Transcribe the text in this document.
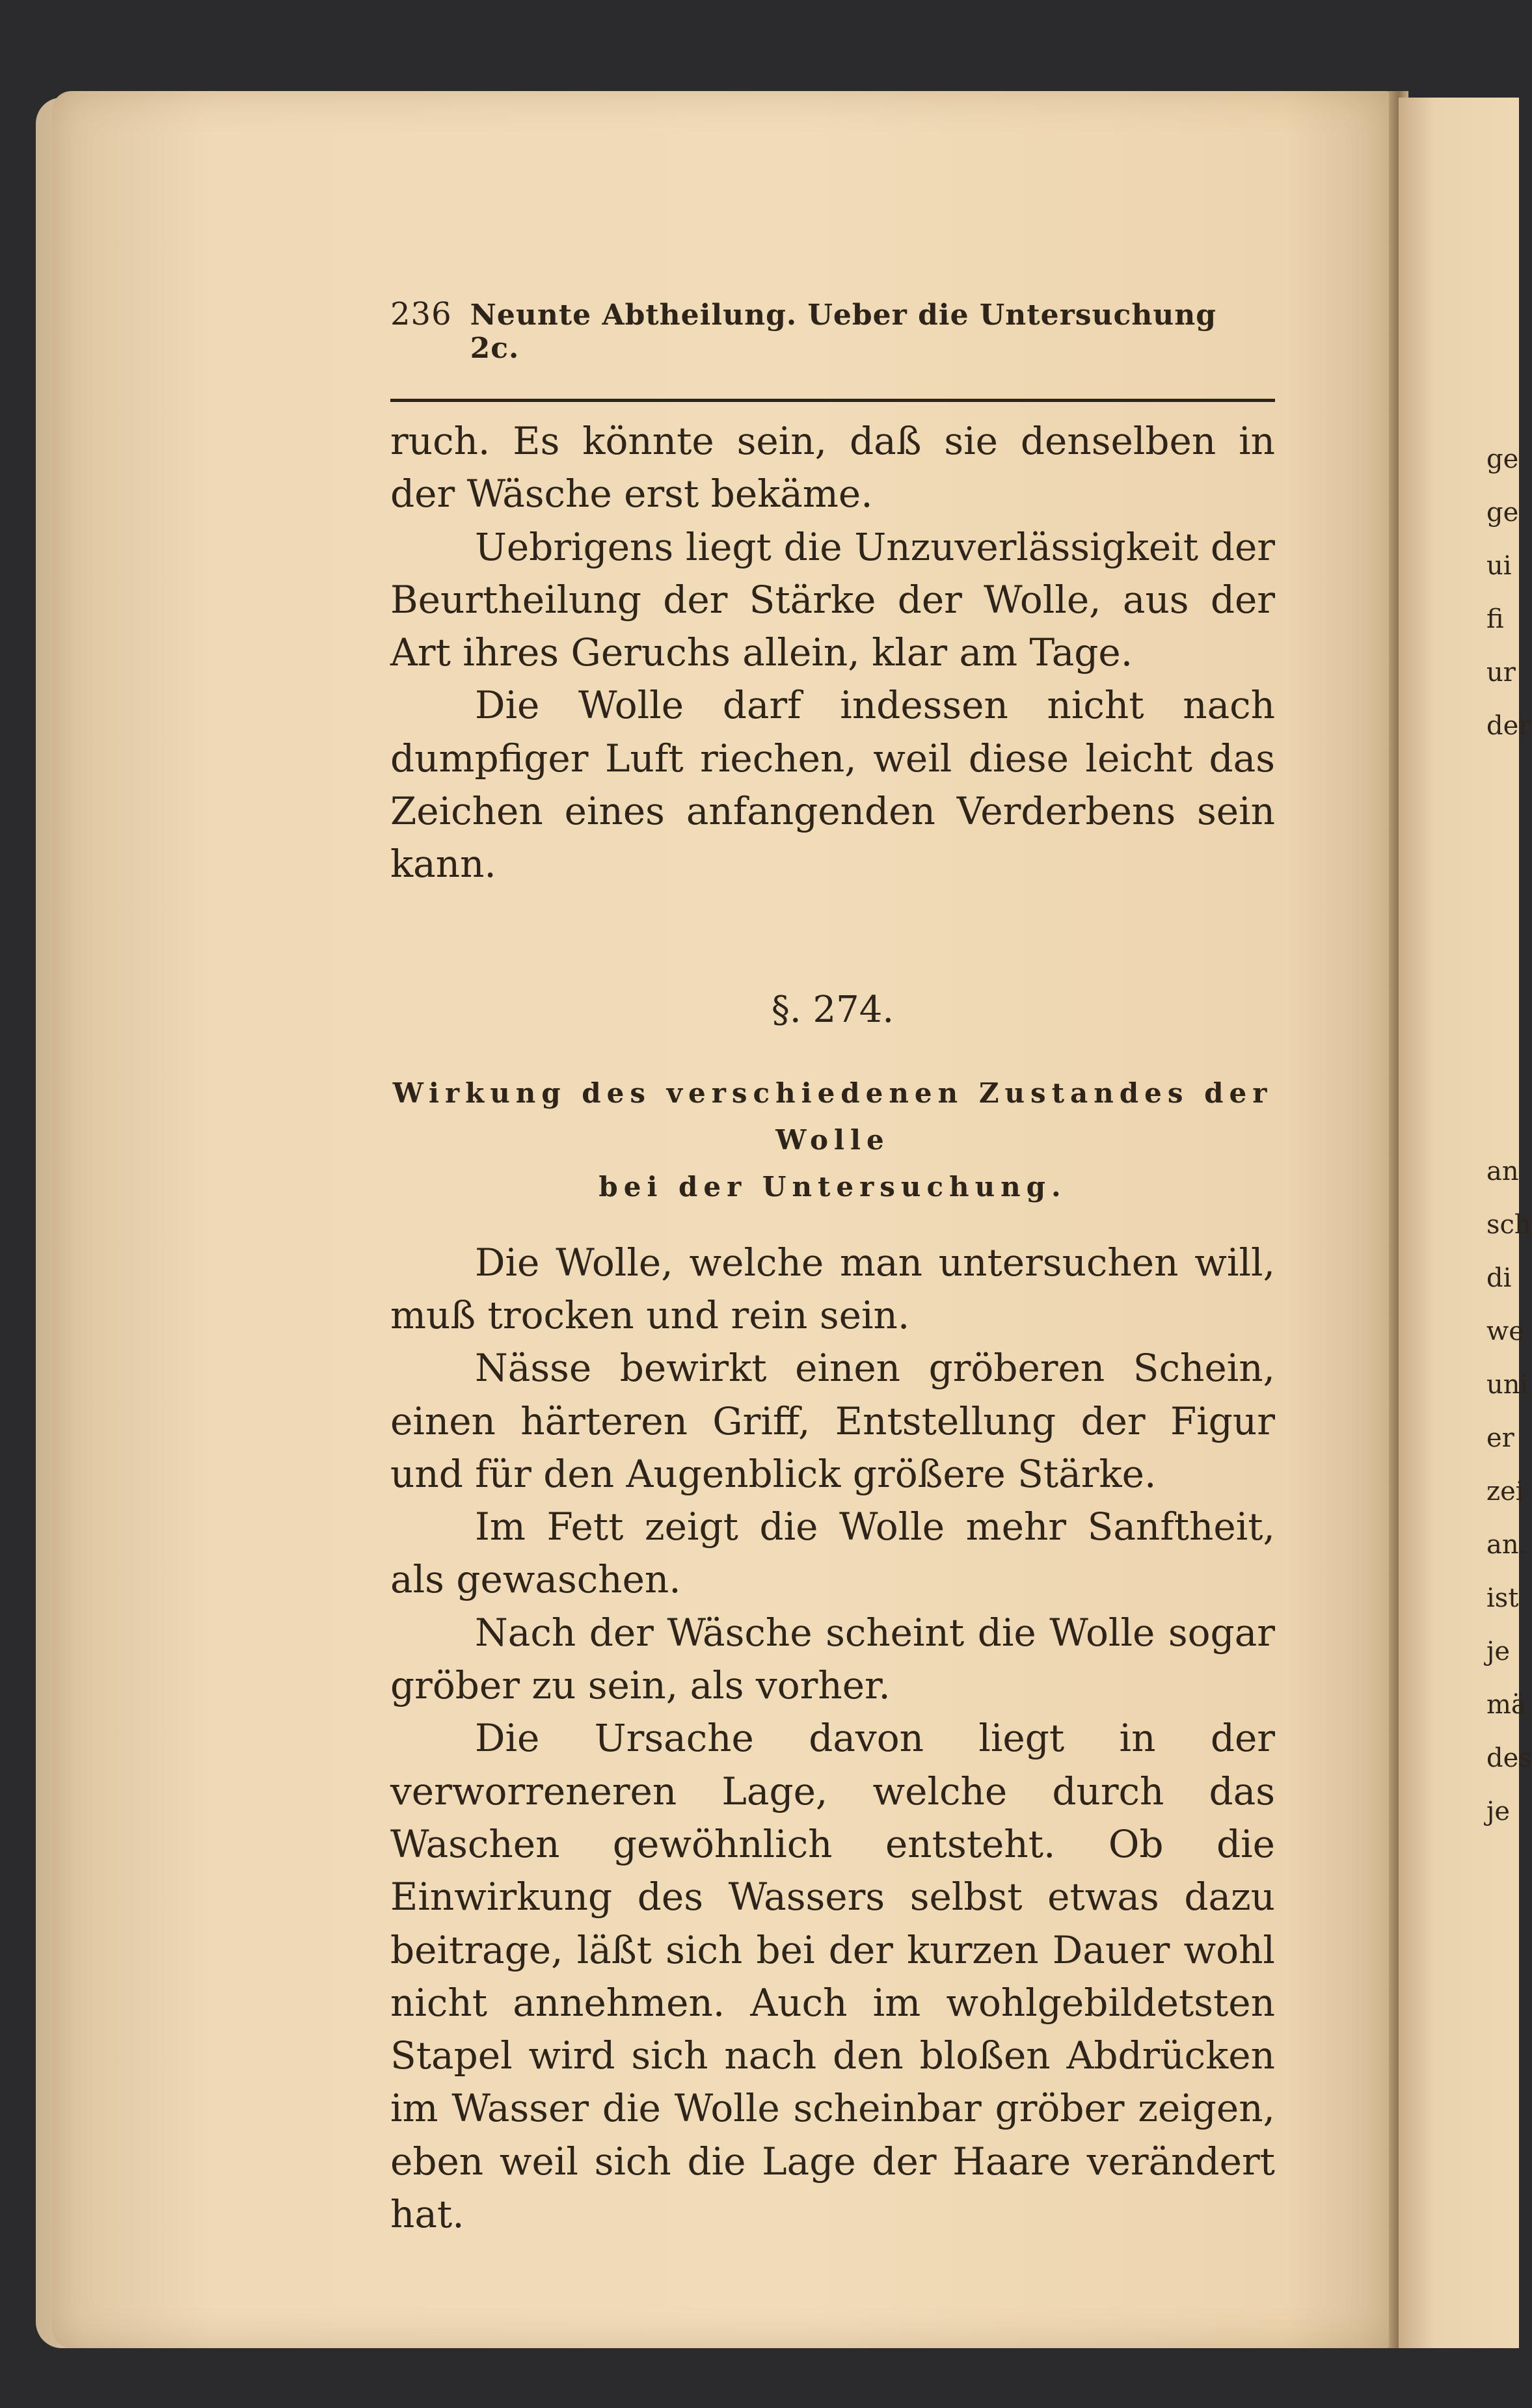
236 Neunte Abtheilung. Ueber die Untersuchung 2c.

ruch. Es könnte sein, daß sie denselben in der Wäsche erst bekäme.

Uebrigens liegt die Unzuverlässigkeit der Beurtheilung der Stärke der Wolle, aus der Art ihres Geruchs allein, klar am Tage.

Die Wolle darf indessen nicht nach dumpfiger Luft riechen, weil diese leicht das Zeichen eines anfangenden Verderbens sein kann.

§. 274.
Wirkung des verschiedenen Zustandes der Wolle
bei der Untersuchung.

Die Wolle, welche man untersuchen will, muß trocken und rein sein.

Nässe bewirkt einen gröberen Schein, einen härteren Griff, Entstellung der Figur und für den Augenblick größere Stärke.

Im Fett zeigt die Wolle mehr Sanftheit, als gewaschen.

Nach der Wäsche scheint die Wolle sogar gröber zu sein, als vorher.

Die Ursache davon liegt in der verworreneren Lage, welche durch das Waschen gewöhnlich entsteht. Ob die Einwirkung des Wassers selbst etwas dazu beitrage, läßt sich bei der kurzen Dauer wohl nicht annehmen. Auch im wohlgebildetsten Stapel wird sich nach den bloßen Abdrücken im Wasser die Wolle scheinbar gröber zeigen, eben weil sich die Lage der Haare verändert hat.

ge
ge
ui
fi
ur
der
an
sch
di
we
uni
er
zei
an.
ist
je
mä
des
je
